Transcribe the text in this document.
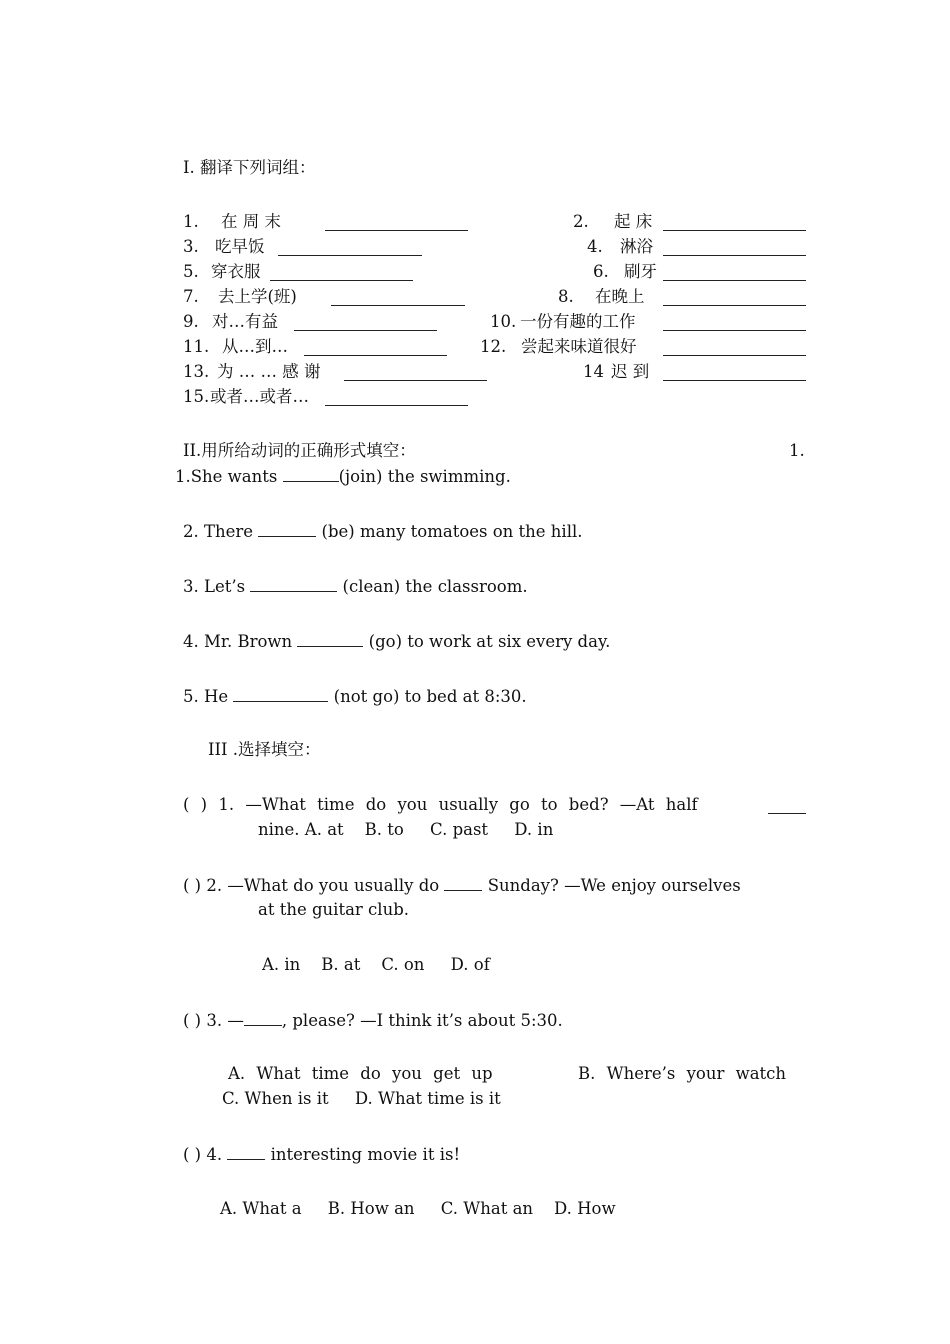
I. 翻译下列词组：
1. 在 周 末	2. 起 床
3. 吃早饭	4. 淋浴
5. 穿衣服	6. 刷牙
7. 去上学(班)	8. 在晚上
9. 对…有益	10. 一份有趣的工作
11. 从…到…	12. 尝起来味道很好
13. 为 … … 感 谢	14 迟 到
15. 或者…或者…
II.用所给动词的正确形式填空：	1.
1.She wants	(join) the swimming.
2. There	(be) many tomatoes on the hill.
3. Let’s	(clean) the classroom.
4. Mr. Brown	(go) to work at six every day.
5. He	(not go) to bed at 8:30.
III .选择填空：
( ) 1. —What time do you usually go to bed? —At half
nine. A. at    B. to     C. past     D. in
( ) 2. —What do you usually do  Sunday? —We enjoy ourselves
at the guitar club.
A. in    B. at    C. on     D. of
( ) 3. — , please? —I think it’s about 5:30.
A. What time do you get up	B. Where’s your watch
C. When is it     D. What time is it
( ) 4.  interesting movie it is!
A. What a     B. How an     C. What an    D. How
